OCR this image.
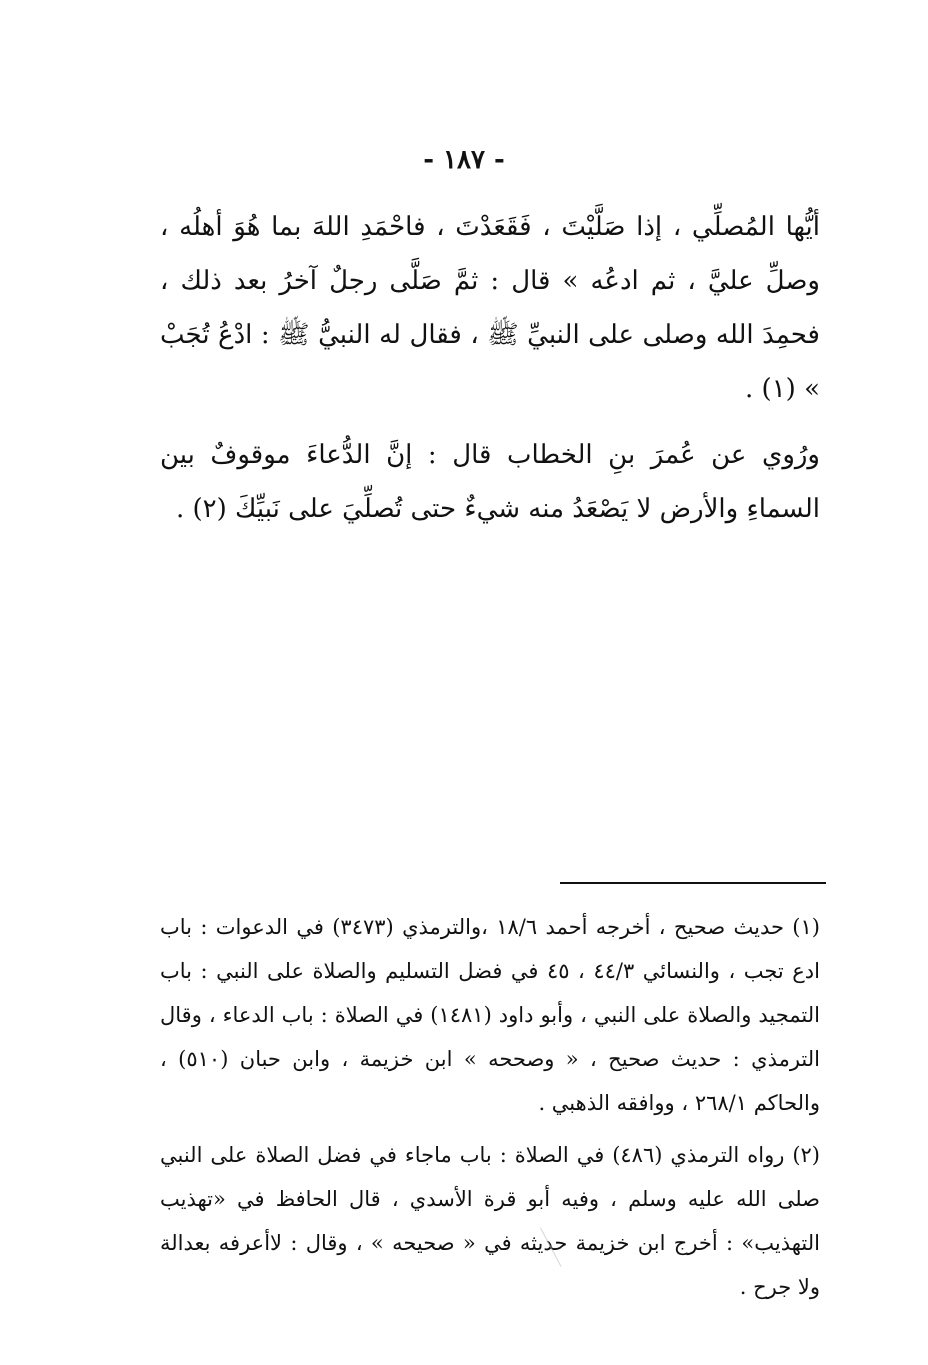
- ١٨٧ -

أيُّها المُصلِّي ، إذا صَلَّيْتَ ، فَقَعَدْتَ ، فاحْمَدِ اللهَ بما هُوَ أهلُه ، وصلِّ عليَّ ، ثم ادعُه » قال : ثمَّ صَلَّى رجلٌ آخرُ بعد ذلك ، فحمِدَ الله وصلى على النبيِّ ﷺ ، فقال له النبيُّ ﷺ : ادْعُ تُجَبْ » (١) .

ورُوي عن عُمرَ بنِ الخطاب قال : إنَّ الدُّعاءَ موقوفٌ بين السماءِ والأرض لا يَصْعَدُ منه شيءٌ حتى تُصلِّيَ على نَبيِّكَ (٢) .

(١) حديث صحيح ، أخرجه أحمد ١٨/٦ ،والترمذي (٣٤٧٣) في الدعوات : باب ادع تجب ، والنسائي ٤٤/٣ ، ٤٥ في فضل التسليم والصلاة على النبي : باب التمجيد والصلاة على النبي ، وأبو داود (١٤٨١) في الصلاة : باب الدعاء ، وقال الترمذي : حديث صحيح ، « وصححه » ابن خزيمة ، وابن حبان (٥١٠) ، والحاكم ٢٦٨/١ ، ووافقه الذهبي .

(٢) رواه الترمذي (٤٨٦) في الصلاة : باب ماجاء في فضل الصلاة على النبي صلى الله عليه وسلم ، وفيه أبو قرة الأسدي ، قال الحافظ في «تهذيب التهذيب» : أخرج ابن خزيمة حديثه في « صحيحه » ، وقال : لاأعرفه بعدالة ولا جرح .
